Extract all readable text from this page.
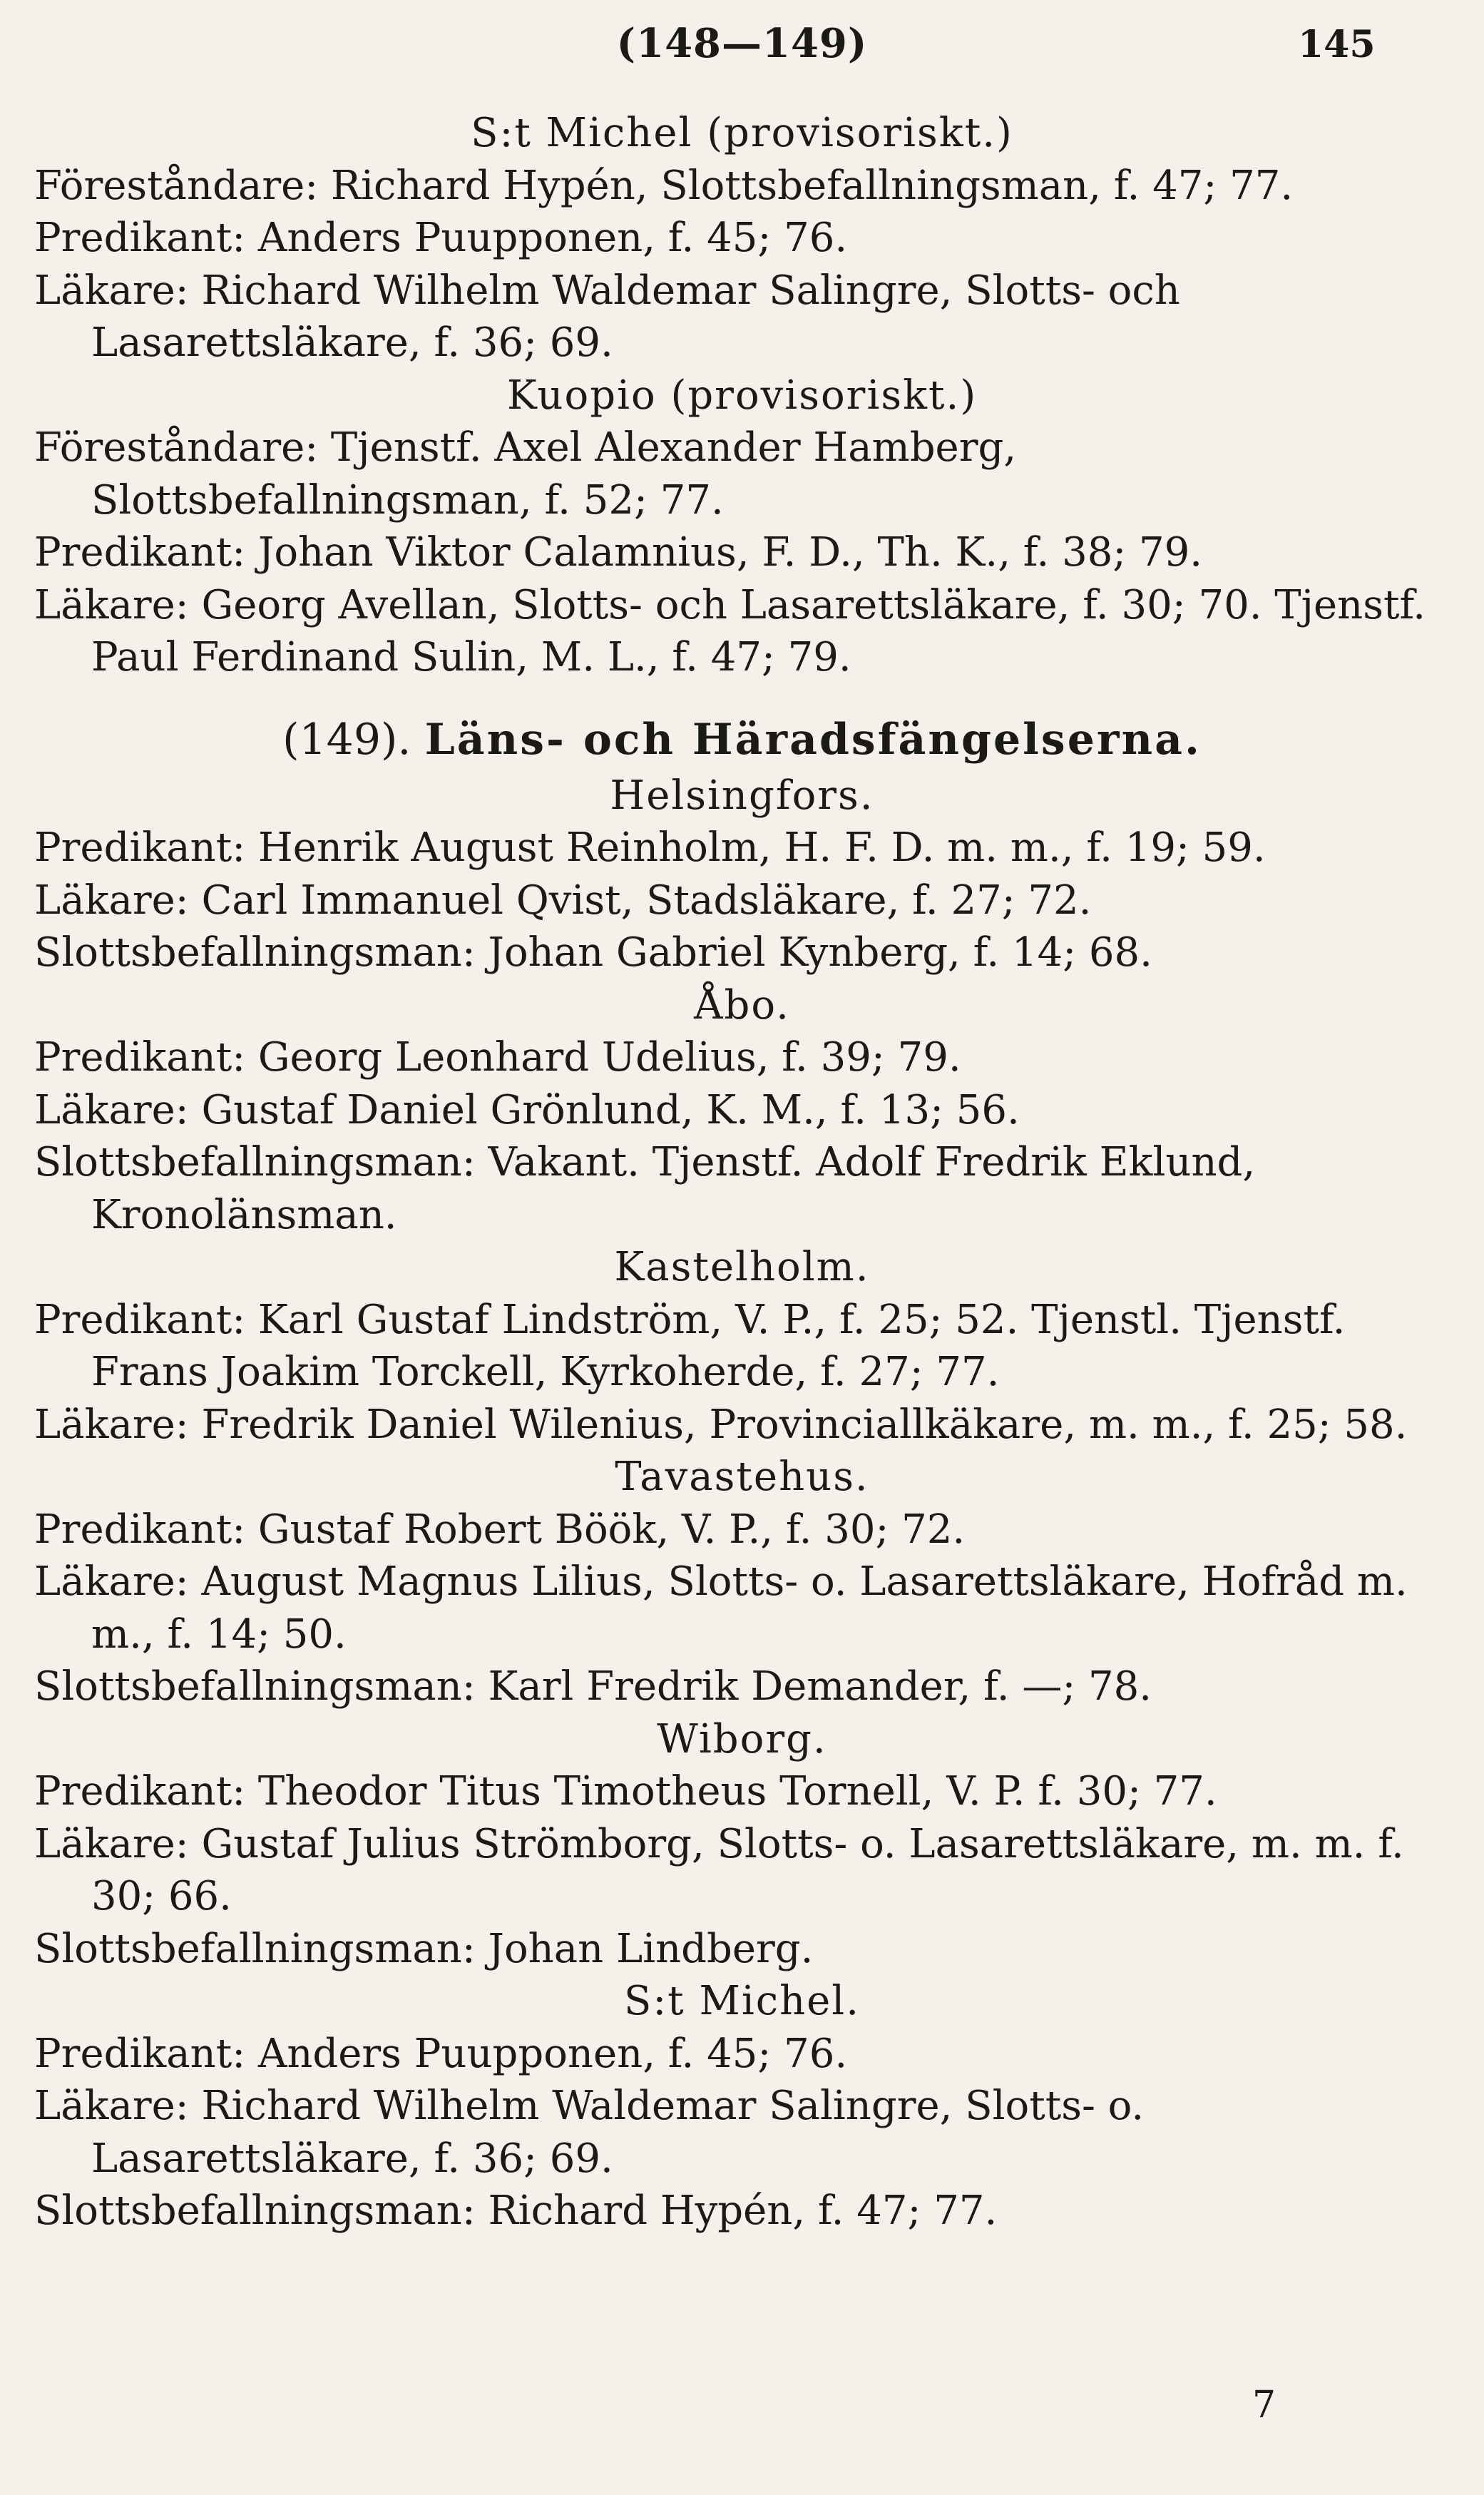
(148—149)	145
S:t Michel (provisoriskt.)
Föreståndare: Richard Hypén, Slottsbefallningsman, f. 47; 77.
Predikant: Anders Puupponen, f. 45; 76.
Läkare: Richard Wilhelm Waldemar Salingre, Slotts- och Lasarettsläkare, f. 36; 69.
Kuopio (provisoriskt.)
Föreståndare: Tjenstf. Axel Alexander Hamberg, Slottsbefallningsman, f. 52; 77.
Predikant: Johan Viktor Calamnius, F. D., Th. K., f. 38; 79.
Läkare: Georg Avellan, Slotts- och Lasarettsläkare, f. 30; 70. Tjenstf. Paul Ferdinand Sulin, M. L., f. 47; 79.
(149). Läns- och Häradsfängelserna.
Helsingfors.
Predikant: Henrik August Reinholm, H. F. D. m. m., f. 19; 59.
Läkare: Carl Immanuel Qvist, Stadsläkare, f. 27; 72.
Slottsbefallningsman: Johan Gabriel Kynberg, f. 14; 68.
Åbo.
Predikant: Georg Leonhard Udelius, f. 39; 79.
Läkare: Gustaf Daniel Grönlund, K. M., f. 13; 56.
Slottsbefallningsman: Vakant. Tjenstf. Adolf Fredrik Eklund, Kronolänsman.
Kastelholm.
Predikant: Karl Gustaf Lindström, V. P., f. 25; 52. Tjenstl. Tjenstf. Frans Joakim Torckell, Kyrkoherde, f. 27; 77.
Läkare: Fredrik Daniel Wilenius, Provinciallkäkare, m. m., f. 25; 58.
Tavastehus.
Predikant: Gustaf Robert Böök, V. P., f. 30; 72.
Läkare: August Magnus Lilius, Slotts- o. Lasarettsläkare, Hofråd m. m., f. 14; 50.
Slottsbefallningsman: Karl Fredrik Demander, f. —; 78.
Wiborg.
Predikant: Theodor Titus Timotheus Tornell, V. P. f. 30; 77.
Läkare: Gustaf Julius Strömborg, Slotts- o. Lasarettsläkare, m. m. f. 30; 66.
Slottsbefallningsman: Johan Lindberg.
S:t Michel.
Predikant: Anders Puupponen, f. 45; 76.
Läkare: Richard Wilhelm Waldemar Salingre, Slotts- o. Lasarettsläkare, f. 36; 69.
Slottsbefallningsman: Richard Hypén, f. 47; 77.
7
